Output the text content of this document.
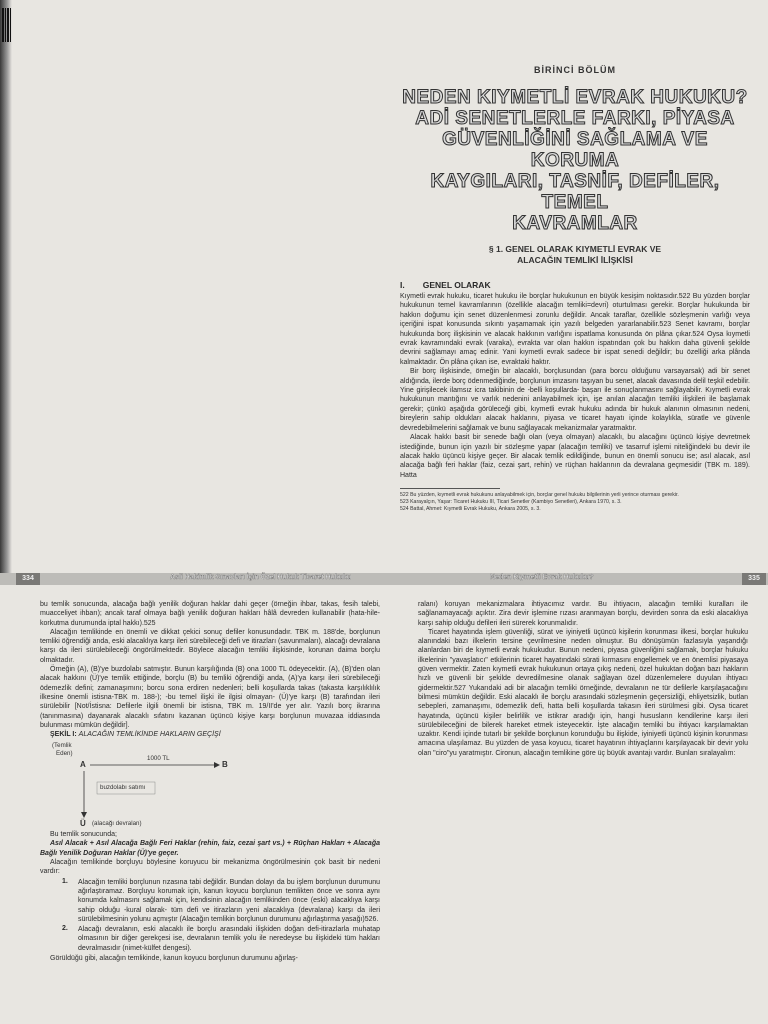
BİRİNCİ BÖLÜM
NEDEN KIYMETLİ EVRAK HUKUKU?
ADİ SENETLERLE FARKI, PİYASA
GÜVENLİĞİNİ SAĞLAMA VE KORUMA
KAYGILARI, TASNİF, DEFİLER, TEMEL
KAVRAMLAR
§ 1. GENEL OLARAK KIYMETLİ EVRAK VE
ALACAĞIN TEMLİKİ İLİŞKİSİ
I. GENEL OLARAK

Kıymetli evrak hukuku, ticaret hukuku ile borçlar hukukunun en büyük kesişim noktasıdır.522 Bu yüzden borçlar hukukunun temel kavramlarının (özellikle alacağın temliki=devri) oturtulması gerekir. Borçlar hukukunda bir hakkın doğumu için senet düzenlenmesi zorunlu değildir. Ancak taraflar, özellikle sözleşmenin varlığı veya içeriğini ispat konusunda sıkıntı yaşamamak için yazılı belgeden yararlanabilir.523 Senet kavramı, borçlar hukukunda borç ilişkisinin ve alacak hakkının varlığını ispatlama konusunda ön plâna çıkar.524 Oysa kıymetli evrak kavramındaki evrak (varaka), evrakta var olan hakkın ispatından çok bu hakkın daha güvenli şekilde devrini sağlamayı amaç edinir. Yani kıymetli evrak sadece bir ispat senedi değildir; bu özelliği arka plânda kalmaktadır. Ön plâna çıkan ise, evraktaki haktır.

Bir borç ilişkisinde, örneğin bir alacaklı, borçlusundan (para borcu olduğunu varsayarsak) adi bir senet aldığında, ilerde borç ödenmediğinde, borçlunun imzasını taşıyan bu senet, alacak davasında delil teşkil edebilir. Yine girişilecek ilamsız icra takibinin de -belli koşullarda- başarı ile sonuçlanmasını sağlayabilir. Kıymetli evrak hukukunun mantığını ve varlık nedenini anlayabilmek için, işe anılan alacağın temliki ilişkileri ile başlamak gerekir; çünkü aşağıda görüleceği gibi, kıymetli evrak hukuku adında bir hukuk alanının olmasının nedeni, bireylerin sahip oldukları alacak haklarını, piyasa ve ticaret hayatı içinde kolaylıkla, süratle ve güvenle devredebilmelerini sağlamak ve bunu sağlayacak mekanizmalar yaratmaktır.

Alacak hakkı basit bir senede bağlı olan (veya olmayan) alacaklı, bu alacağını üçüncü kişiye devretmek istediğinde, bunun için yazılı bir sözleşme yapar (alacağın temliki) ve tasarruf işlemi niteliğindeki bu devir ile alacak hakkı üçüncü kişiye geçer. Bir alacak temlik edildiğinde, bunun en önemli sonucu ise; asıl alacak, asıl alacağa bağlı feri haklar (faiz, cezai şart, rehin) ve rüçhan haklarının da devralana geçmesidir (TBK m. 189). Hatta

522 Bu yüzden, kıymetli evrak hukukunu anlayabilmek için, borçlar genel hukuku bilgilerinin yerli yerince oturması gerekir.
523 Karayalçın, Yaşar: Ticaret Hukuku III, Ticari Senetler (Kambiyo Senetleri), Ankara 1970, s. 3.
524 Battal, Ahmet: Kıymetli Evrak Hukuku, Ankara 2005, s. 3.
334	Asli Hakimlik Sınavları İçin Özel Hukuk Ticaret Hukuku	Neden Kıymetli Evrak Hukuku?	335

bu temlik sonucunda, alacağa bağlı yenilik doğuran haklar dahi geçer (örneğin ihbar, takas, fesih talebi, muacceliyet ihbarı); ancak taraf olmaya bağlı yenilik doğuran hakları hâlâ devreden kullanabilir (hata-hile-korkutma durumunda iptal hakkı).525

Alacağın temlikinde en önemli ve dikkat çekici sonuç defiler konusundadır. TBK m. 188'de, borçlunun temliki öğrendiği anda, eski alacaklıya karşı ileri sürebileceği defi ve itirazları (savunmaları), alacağı devralana karşı da ileri sürülebileceği öngörülmektedir. Böylece alacağın temliki ilişkisinde, korunan daima borçlu olmaktadır.

Örneğin (A), (B)'ye buzdolabı satmıştır. Bunun karşılığında (B) ona 1000 TL ödeyecektir. (A), (B)'den olan alacak hakkını (Ü)'ye temlik ettiğinde, borçlu (B) bu temliki öğrendiği anda, (A)'ya karşı ileri sürebileceği ödemezlik defini; zamanaşımını; borcu sona erdiren nedenleri; belli koşullarda takas (takasta karşılıklılık ilkesine önemli istisna-TBK m. 188-); -bu temel ilişki ile ilgisi olmayan- (Ü)'ye karşı (B) tarafından ileri sürülebilir [Not/İstisna: Defilerle ilgili önemli bir istisna, TBK m. 19/II'de yer alır. Yazılı borç ikrarına (tanınmasına) dayanarak alacaklı sıfatını kazanan üçüncü kişiye karşı borçlunun muvazaa iddiasında bulunması mümkün değildir].

ŞEKİL I: ALACAĞIN TEMLİKİNDE HAKLARIN GEÇİŞİ
(Temlik
Eden)
A
1000 TL
B
buzdolabı satımı
Ü (alacağı devralan)

Bu temlik sonucunda;

Asıl Alacak + Asıl Alacağa Bağlı Feri Haklar (rehin, faiz, cezai şart vs.) + Rüçhan Hakları + Alacağa Bağlı Yenilik Doğuran Haklar (Ü)'ye geçer.

Alacağın temlikinde borçluyu böylesine koruyucu bir mekanizma öngörülmesinin çok basit bir nedeni vardır:

1.	Alacağın temliki borçlunun rızasına tabi değildir. Bundan dolayı da bu işlem borçlunun durumunu ağırlaştıramaz. Borçluyu korumak için, kanun koyucu borçlunun temlikten önce ve sonra aynı konumda kalmasını sağlamak için, kendisinin alacağın temlikinden önce (eski) alacaklıya karşı sahip olduğu -kural olarak- tüm defi ve itirazların yeni alacaklıya (devralana) karşı da ileri sürülebilmesinin yolunu açmıştır (Alacağın temlikin borçlunun durumunu ağırlaştırma yasağı)526.
2.	Alacağı devralanın, eski alacaklı ile borçlu arasındaki ilişkiden doğan defi-itirazlarla muhatap olmasının bir diğer gerekçesi ise, devralanın temlik yolu ile neredeyse bu ilişkideki tüm hakları devralmasıdır (nimet-külfet dengesi).

Görüldüğü gibi, alacağın temlikinde, kanun koyucu borçlunun durumunu ağırlaş-

ralanı) koruyan mekanizmalara ihtiyacımız vardır. Bu ihtiyacın, alacağın temliki kuralları ile sağlanamayacağı açıktır. Zira devir işlemine rızası aranmayan borçlu, devirden sonra da eski alacaklıya karşı sahip olduğu defileri ileri sürerek korunmalıdır.

Ticaret hayatında işlem güvenliği, sürat ve iyiniyetli üçüncü kişilerin korunması ilkesi, borçlar hukuku alanındaki bazı ilkelerin tersine çevrilmesine neden olmuştur. Bu dönüşümün fazlasıyla yaşandığı alanlardan biri de kıymetli evrak hukukudur. Bunun nedeni, piyasa güvenliğini sağlamak, borçlar hukuku ilkelerinin "yavaşlatıcı" etkilerinin ticaret hayatındaki sürati kırmasını engellemek ve en önemlisi piyasaya güven vermektir. Zaten kıymetli evrak hukukunun ortaya çıkış nedeni, özel hukuktan doğan bazı hakların hızlı ve güvenli bir şekilde devredilmesine olanak sağlayan özel düzenlemelere duyulan ihtiyacı gidermektir.527 Yukarıdaki adi bir alacağın temliki örneğinde, devralanın ne tür defilerle karşılaşacağını bilmesi mümkün değildir. Eski alacaklı ile borçlu arasındaki sözleşmenin geçersizliği, ehliyetsizlik, butlan sebepleri, zamanaşımı, ödemezlik defi, hatta belli koşullarda takasın ileri sürülmesi gibi. Oysa ticaret hayatında, üçüncü kişiler belirlilik ve istikrar aradığı için, hangi hususların kendilerine karşı ileri sürülebileceğini de bilerek hareket etmek isteyecektir. İşte alacağın temliki bu ihtiyacı karşılamaktan uzaktır. Kendi içinde tutarlı bir şekilde borçlunun korunduğu bu ilişkide, iyiniyetli üçüncü kişinin korunması amacına ulaşılamaz. Bu yüzden de yasa koyucu, ticaret hayatının ihtiyaçlarını karşılayacak bir devir yolu olan "ciro"yu yaratmıştır. Cironun, alacağın temlikine göre üç büyük avantajı vardır. Bunları sıralayalım:
